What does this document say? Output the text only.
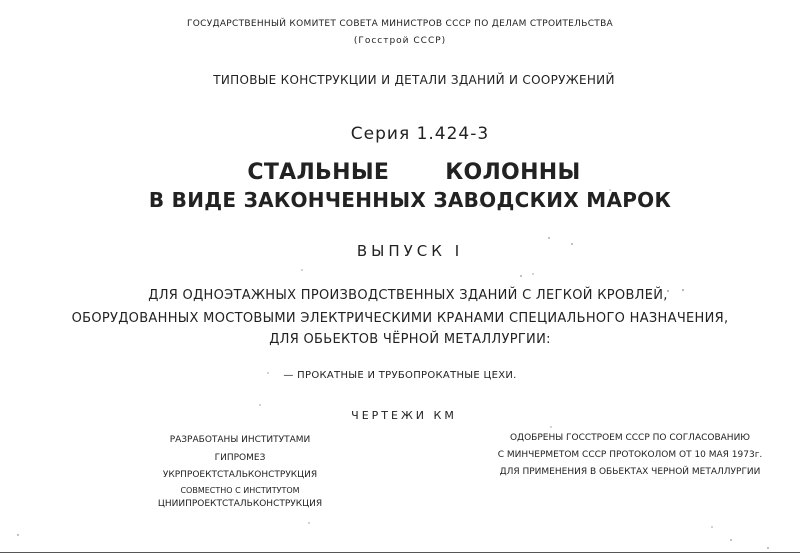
ГОСУДАРСТВЕННЫЙ КОМИТЕТ СОВЕТА МИНИСТРОВ СССР ПО ДЕЛАМ СТРОИТЕЛЬСТВА
(Госстрой СССР)
ТИПОВЫЕ КОНСТРУКЦИИ И ДЕТАЛИ ЗДАНИЙ И СООРУЖЕНИЙ
Серия 1.424-3
СТАЛЬНЫЕ КОЛОННЫ
В ВИДЕ ЗАКОНЧЕННЫХ ЗАВОДСКИХ МАРОК
ВЫПУСК I
ДЛЯ ОДНОЭТАЖНЫХ ПРОИЗВОДСТВЕННЫХ ЗДАНИЙ С ЛЕГКОЙ КРОВЛЕЙ,
ОБОРУДОВАННЫХ МОСТОВЫМИ ЭЛЕКТРИЧЕСКИМИ КРАНАМИ СПЕЦИАЛЬНОГО НАЗНАЧЕНИЯ,
ДЛЯ ОБЬЕКТОВ ЧЁРНОЙ МЕТАЛЛУРГИИ:
— ПРОКАТНЫЕ И ТРУБОПРОКАТНЫЕ ЦЕХИ.
ЧЕРТЕЖИ КМ
РАЗРАБОТАНЫ ИНСТИТУТАМИ
ГИПРОМЕЗ
УКРПРОЕКТСТАЛЬКОНСТРУКЦИЯ
СОВМЕСТНО С ИНСТИТУТОМ
ЦНИИПРОЕКТСТАЛЬКОНСТРУКЦИЯ
ОДОБРЕНЫ ГОССТРОЕМ СССР ПО СОГЛАСОВАНИЮ
С МИНЧЕРМЕТОМ СССР ПРОТОКОЛОМ ОТ 10 МАЯ 1973г.
ДЛЯ ПРИМЕНЕНИЯ В ОБЬЕКТАХ ЧЕРНОЙ МЕТАЛЛУРГИИ
